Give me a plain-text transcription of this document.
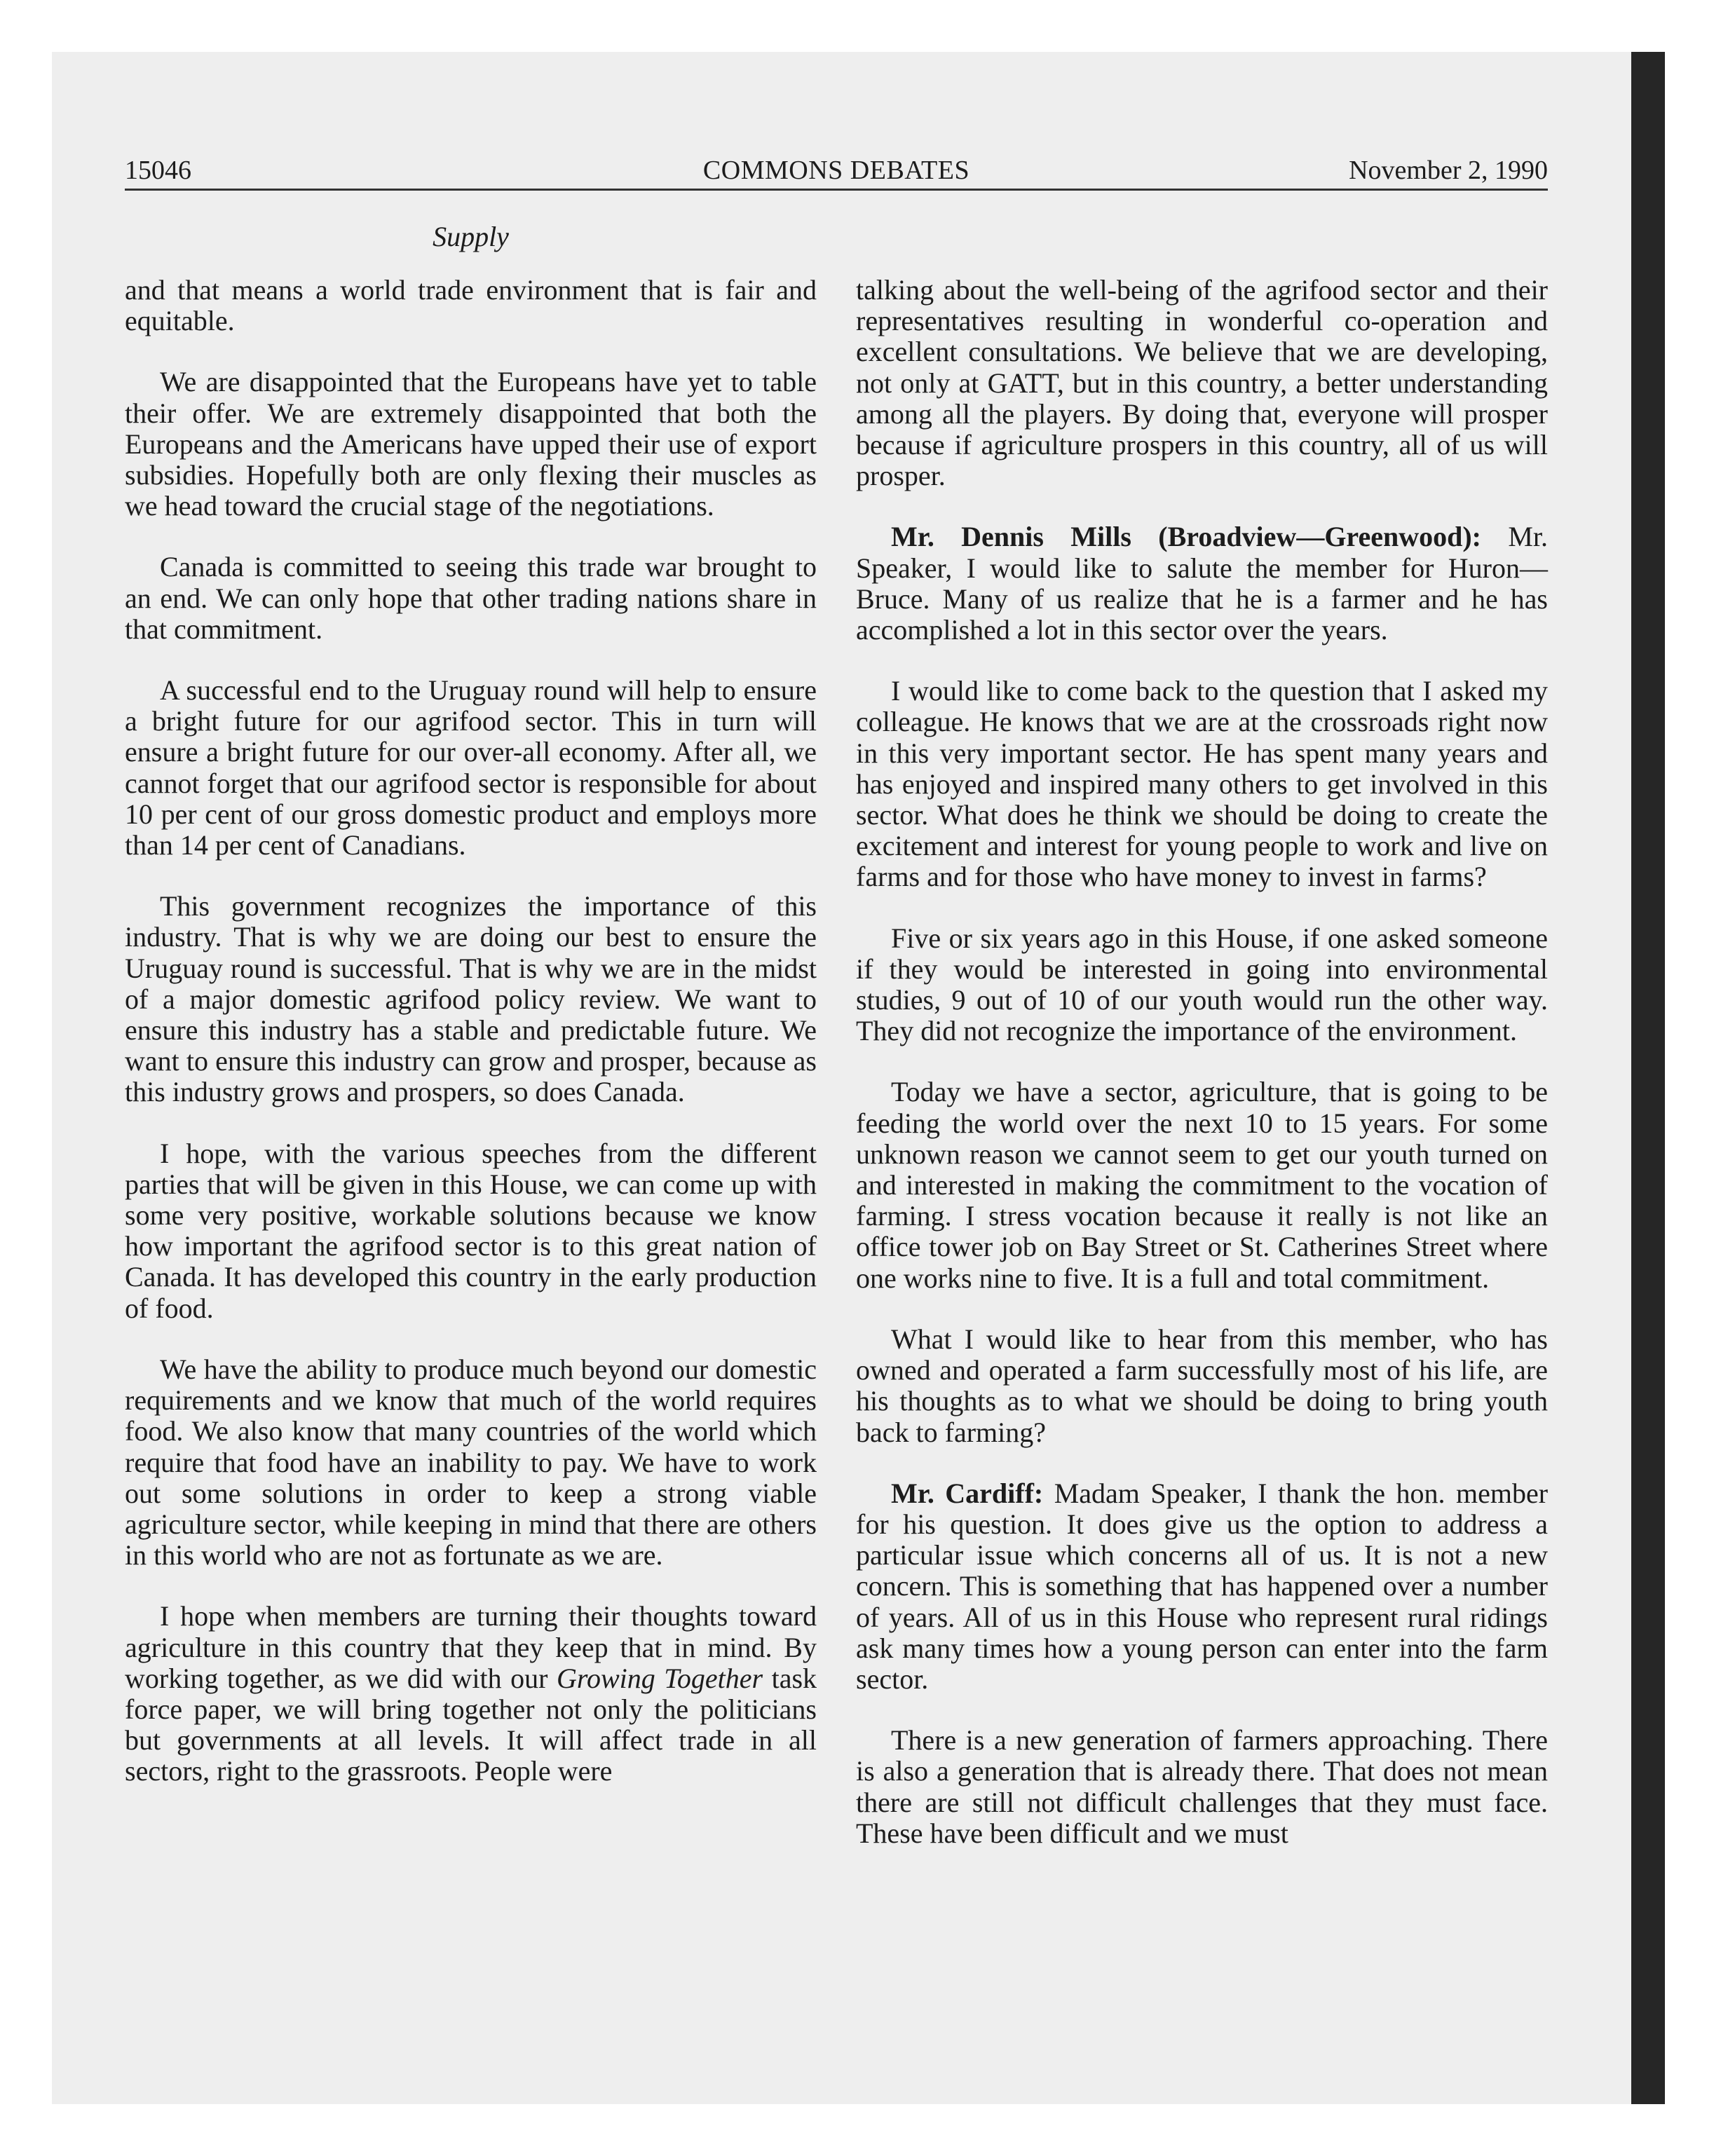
15046	COMMONS DEBATES	November 2, 1990
Supply

and that means a world trade environment that is fair and equitable.

We are disappointed that the Europeans have yet to table their offer. We are extremely disappointed that both the Europeans and the Americans have upped their use of export subsidies. Hopefully both are only flexing their muscles as we head toward the crucial stage of the negotiations.

Canada is committed to seeing this trade war brought to an end. We can only hope that other trading nations share in that commitment.

A successful end to the Uruguay round will help to ensure a bright future for our agrifood sector. This in turn will ensure a bright future for our over-all economy. After all, we cannot forget that our agrifood sector is responsible for about 10 per cent of our gross domestic product and employs more than 14 per cent of Canadians.

This government recognizes the importance of this industry. That is why we are doing our best to ensure the Uruguay round is successful. That is why we are in the midst of a major domestic agrifood policy review. We want to ensure this industry has a stable and predictable future. We want to ensure this industry can grow and prosper, because as this industry grows and prospers, so does Canada.

I hope, with the various speeches from the different parties that will be given in this House, we can come up with some very positive, workable solutions because we know how important the agrifood sector is to this great nation of Canada. It has developed this country in the early production of food.

We have the ability to produce much beyond our domestic requirements and we know that much of the world requires food. We also know that many countries of the world which require that food have an inability to pay. We have to work out some solutions in order to keep a strong viable agriculture sector, while keeping in mind that there are others in this world who are not as fortunate as we are.

I hope when members are turning their thoughts toward agriculture in this country that they keep that in mind. By working together, as we did with our Growing Together task force paper, we will bring together not only the politicians but governments at all levels. It will affect trade in all sectors, right to the grassroots. People were

talking about the well-being of the agrifood sector and their representatives resulting in wonderful co-operation and excellent consultations. We believe that we are developing, not only at GATT, but in this country, a better understanding among all the players. By doing that, everyone will prosper because if agriculture prospers in this country, all of us will prosper.

Mr. Dennis Mills (Broadview—Greenwood): Mr. Speaker, I would like to salute the member for Huron—Bruce. Many of us realize that he is a farmer and he has accomplished a lot in this sector over the years.

I would like to come back to the question that I asked my colleague. He knows that we are at the crossroads right now in this very important sector. He has spent many years and has enjoyed and inspired many others to get involved in this sector. What does he think we should be doing to create the excitement and interest for young people to work and live on farms and for those who have money to invest in farms?

Five or six years ago in this House, if one asked someone if they would be interested in going into environmental studies, 9 out of 10 of our youth would run the other way. They did not recognize the importance of the environment.

Today we have a sector, agriculture, that is going to be feeding the world over the next 10 to 15 years. For some unknown reason we cannot seem to get our youth turned on and interested in making the commitment to the vocation of farming. I stress vocation because it really is not like an office tower job on Bay Street or St. Catherines Street where one works nine to five. It is a full and total commitment.

What I would like to hear from this member, who has owned and operated a farm successfully most of his life, are his thoughts as to what we should be doing to bring youth back to farming?

Mr. Cardiff: Madam Speaker, I thank the hon. member for his question. It does give us the option to address a particular issue which concerns all of us. It is not a new concern. This is something that has happened over a number of years. All of us in this House who represent rural ridings ask many times how a young person can enter into the farm sector.

There is a new generation of farmers approaching. There is also a generation that is already there. That does not mean there are still not difficult challenges that they must face. These have been difficult and we must
